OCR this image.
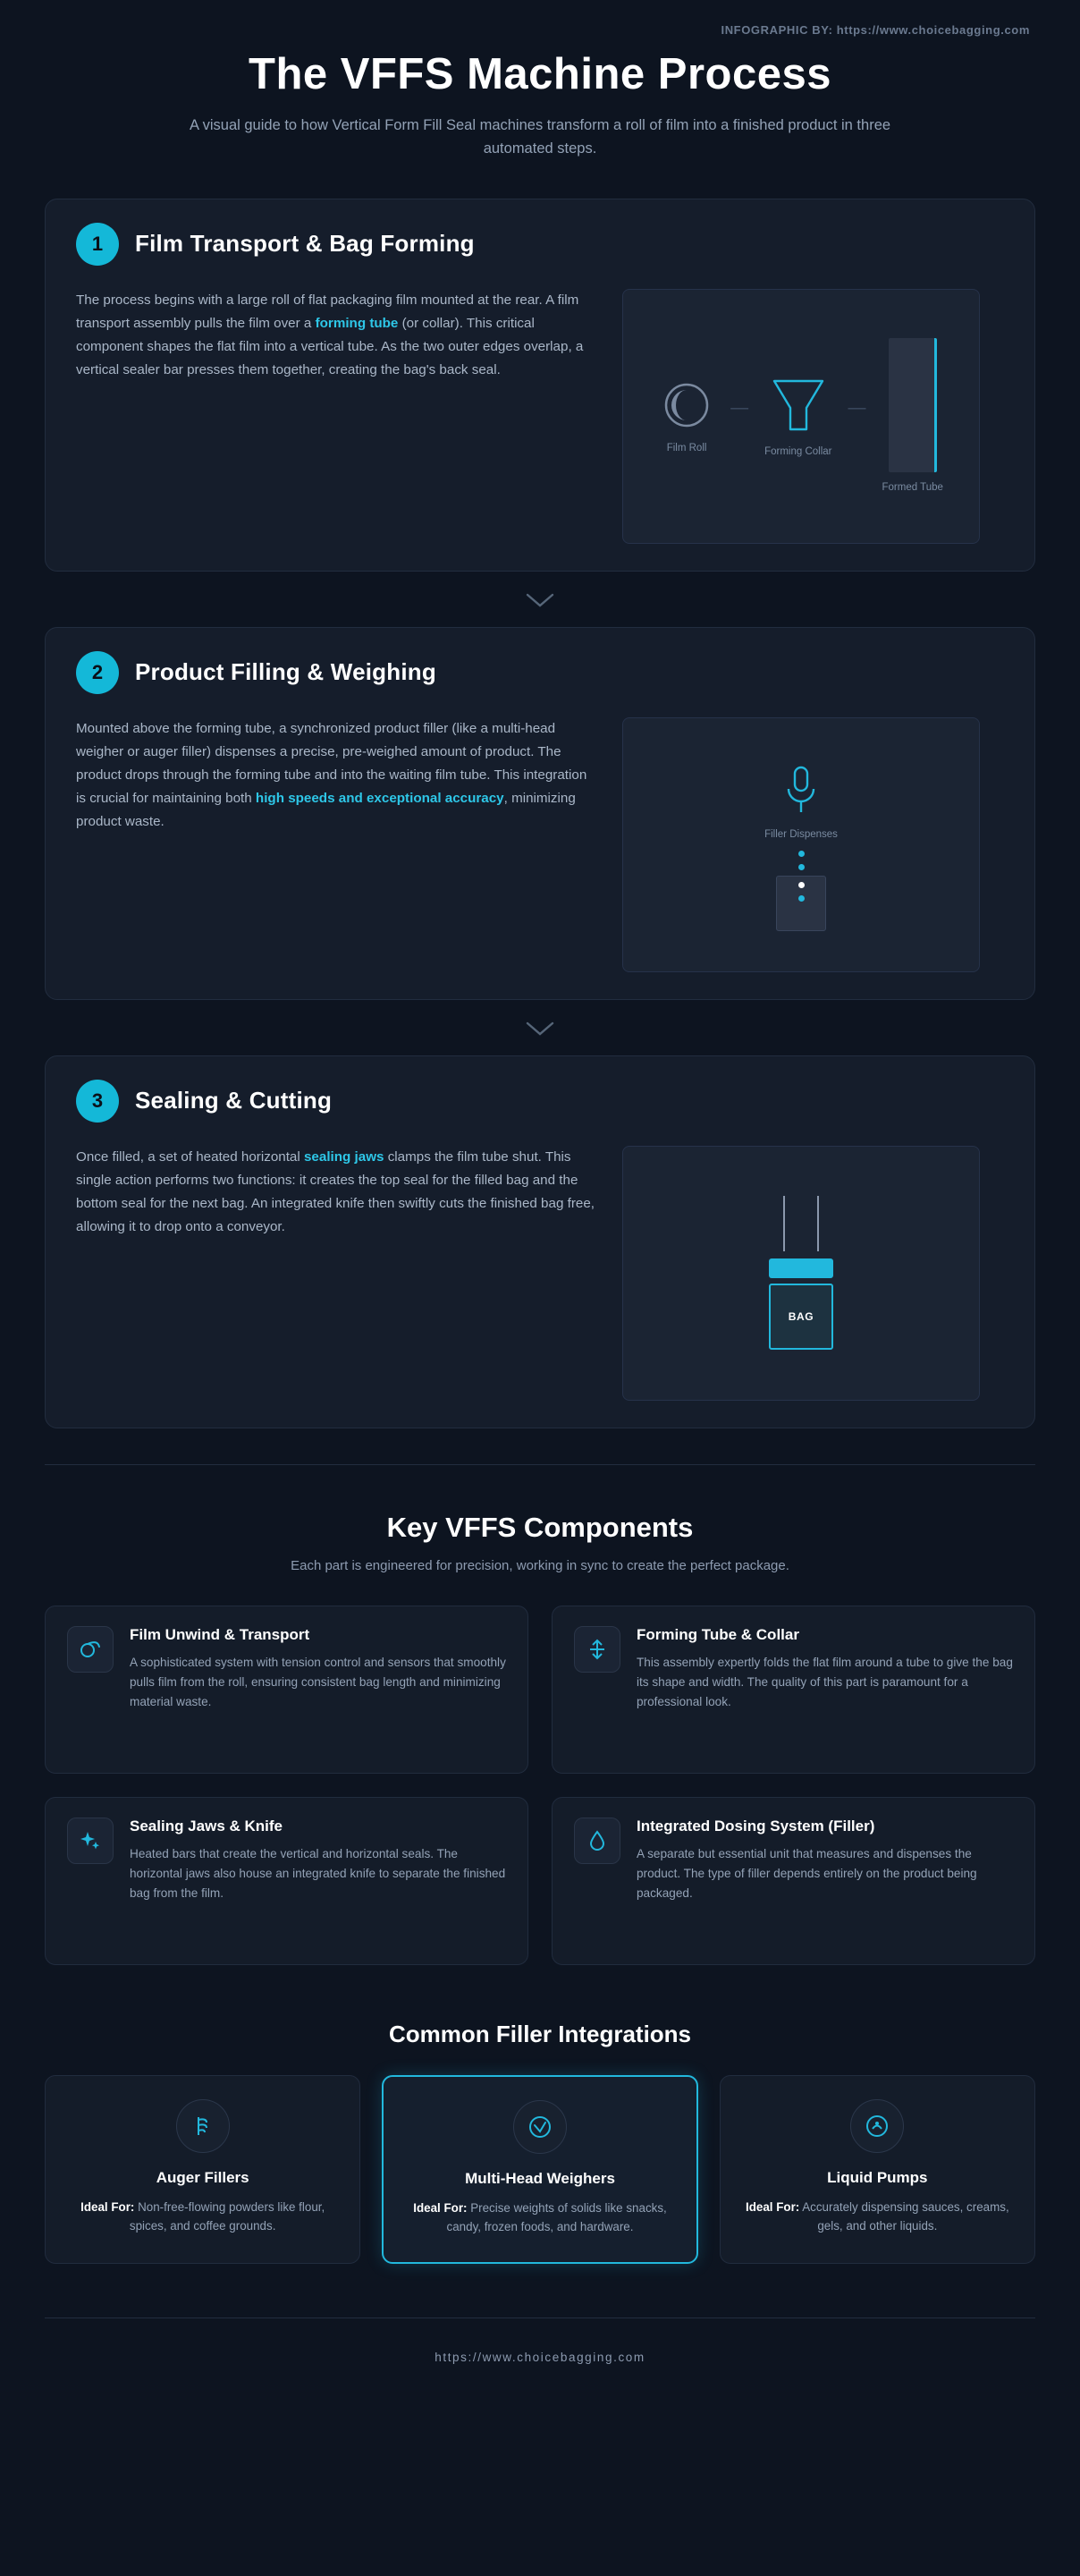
INFOGRAPHIC BY: https://www.choicebagging.com
The VFFS Machine Process
A visual guide to how Vertical Form Fill Seal machines transform a roll of film into a finished product in three automated steps.
1	Film Transport & Bag Forming
The process begins with a large roll of flat packaging film mounted at the rear. A film transport assembly pulls the film over a forming tube (or collar). This critical component shapes the flat film into a vertical tube. As the two outer edges overlap, a vertical sealer bar presses them together, creating the bag's back seal.
Film Roll
—
Forming Collar
—
Formed Tube
2	Product Filling & Weighing
Mounted above the forming tube, a synchronized product filler (like a multi-head weigher or auger filler) dispenses a precise, pre-weighed amount of product. The product drops through the forming tube and into the waiting film tube. This integration is crucial for maintaining both high speeds and exceptional accuracy, minimizing product waste.
Filler Dispenses
3	Sealing & Cutting
Once filled, a set of heated horizontal sealing jaws clamps the film tube shut. This single action performs two functions: it creates the top seal for the filled bag and the bottom seal for the next bag. An integrated knife then swiftly cuts the finished bag free, allowing it to drop onto a conveyor.
BAG
Key VFFS Components
Each part is engineered for precision, working in sync to create the perfect package.
Film Unwind & Transport
A sophisticated system with tension control and sensors that smoothly pulls film from the roll, ensuring consistent bag length and minimizing material waste.
Forming Tube & Collar
This assembly expertly folds the flat film around a tube to give the bag its shape and width. The quality of this part is paramount for a professional look.
Sealing Jaws & Knife
Heated bars that create the vertical and horizontal seals. The horizontal jaws also house an integrated knife to separate the finished bag from the film.
Integrated Dosing System (Filler)
A separate but essential unit that measures and dispenses the product. The type of filler depends entirely on the product being packaged.
Common Filler Integrations
Auger Fillers
Ideal For: Non-free-flowing powders like flour, spices, and coffee grounds.
Multi-Head Weighers
Ideal For: Precise weights of solids like snacks, candy, frozen foods, and hardware.
Liquid Pumps
Ideal For: Accurately dispensing sauces, creams, gels, and other liquids.
https://www.choicebagging.com
